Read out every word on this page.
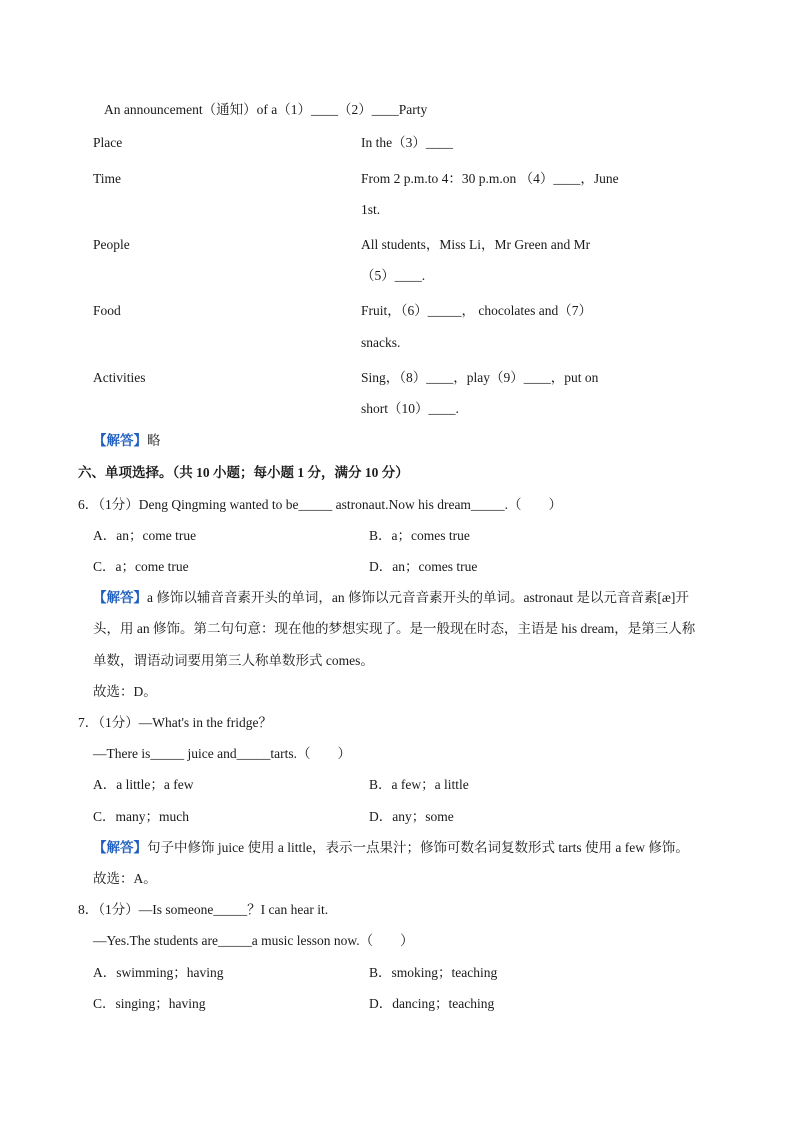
An announcement（通知）of a（1）____（2）____Party
Place	In the（3）____
Time	From 2 p.m.to 4：30 p.m.on （4）____，June
1st.
People	All students，Miss Li，Mr Green and Mr
（5）____.
Food	Fruit，（6）_____， chocolates and（7）
snacks.
Activities	Sing，（8）____，play（9）____，put on
short（10）____.
【解答】略
六、单项选择。（共 10 小题；每小题 1 分，满分 10 分）
6．（1分）Deng Qingming wanted to be_____ astronaut.Now his dream_____.（　　）
A．an；come true	B．a；comes true
C．a；come true	D．an；comes true
【解答】a 修饰以辅音音素开头的单词，an 修饰以元音音素开头的单词。astronaut 是以元音音素[æ]开
头，用 an 修饰。第二句句意：现在他的梦想实现了。是一般现在时态，主语是 his dream，是第三人称
单数，谓语动词要用第三人称单数形式 comes。
故选：D。
7．（1分）—What's in the fridge？
—There is_____ juice and_____tarts.（　　）
A．a little；a few	B．a few；a little
C．many；much	D．any；some
【解答】句子中修饰 juice 使用 a little，表示一点果汁；修饰可数名词复数形式 tarts 使用 a few 修饰。
故选：A。
8．（1分）—Is someone_____？I can hear it.
—Yes.The students are_____a music lesson now.（　　）
A．swimming；having	B．smoking；teaching
C．singing；having	D．dancing；teaching
